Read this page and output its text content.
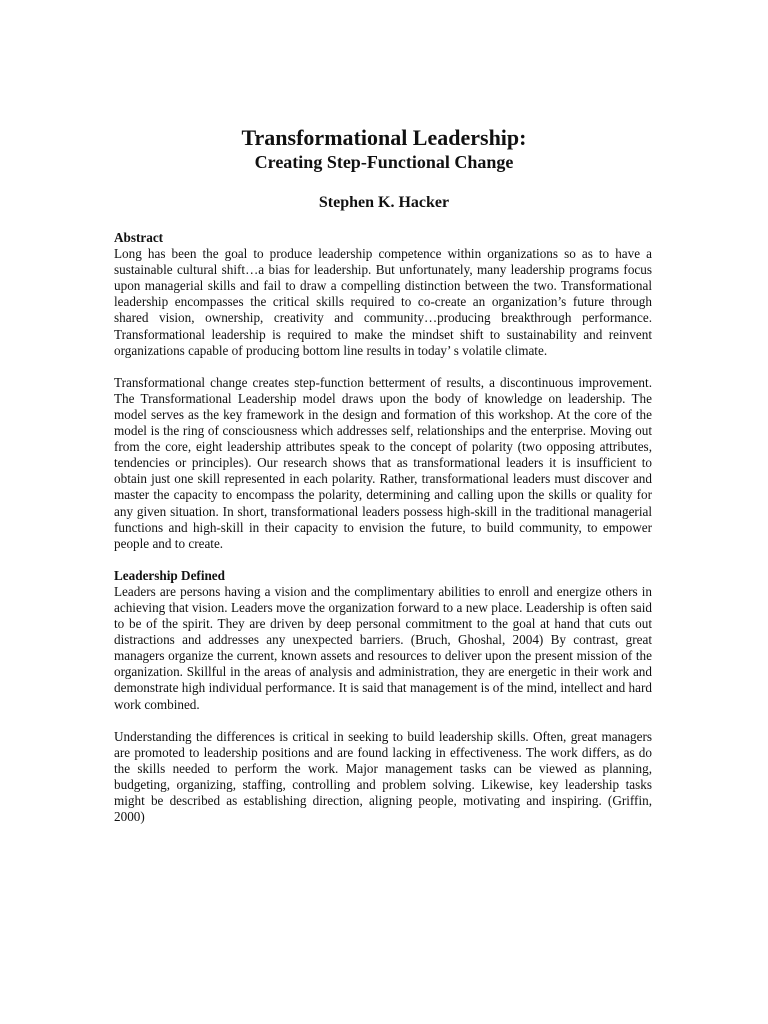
Transformational Leadership:
Creating Step-Functional Change
Stephen K. Hacker
Abstract

Long has been the goal to produce leadership competence within organizations so as to have a sustainable cultural shift…a bias for leadership. But unfortunately, many leadership programs focus upon managerial skills and fail to draw a compelling distinction between the two. Transformational leadership encompasses the critical skills required to co-create an organization’s future through shared vision, ownership, creativity and community…producing breakthrough performance. Transformational leadership is required to make the mindset shift to sustainability and reinvent organizations capable of producing bottom line results in today’ s volatile climate.

Transformational change creates step-function betterment of results, a discontinuous improvement. The Transformational Leadership model draws upon the body of knowledge on leadership. The model serves as the key framework in the design and formation of this workshop. At the core of the model is the ring of consciousness which addresses self, relationships and the enterprise. Moving out from the core, eight leadership attributes speak to the concept of polarity (two opposing attributes, tendencies or principles). Our research shows that as transformational leaders it is insufficient to obtain just one skill represented in each polarity. Rather, transformational leaders must discover and master the capacity to encompass the polarity, determining and calling upon the skills or quality for any given situation. In short, transformational leaders possess high-skill in the traditional managerial functions and high-skill in their capacity to envision the future, to build community, to empower people and to create.

Leadership Defined

Leaders are persons having a vision and the complimentary abilities to enroll and energize others in achieving that vision. Leaders move the organization forward to a new place. Leadership is often said to be of the spirit. They are driven by deep personal commitment to the goal at hand that cuts out distractions and addresses any unexpected barriers. (Bruch, Ghoshal, 2004) By contrast, great managers organize the current, known assets and resources to deliver upon the present mission of the organization. Skillful in the areas of analysis and administration, they are energetic in their work and demonstrate high individual performance. It is said that management is of the mind, intellect and hard work combined.

Understanding the differences is critical in seeking to build leadership skills. Often, great managers are promoted to leadership positions and are found lacking in effectiveness. The work differs, as do the skills needed to perform the work. Major management tasks can be viewed as planning, budgeting, organizing, staffing, controlling and problem solving. Likewise, key leadership tasks might be described as establishing direction, aligning people, motivating and inspiring. (Griffin, 2000)
